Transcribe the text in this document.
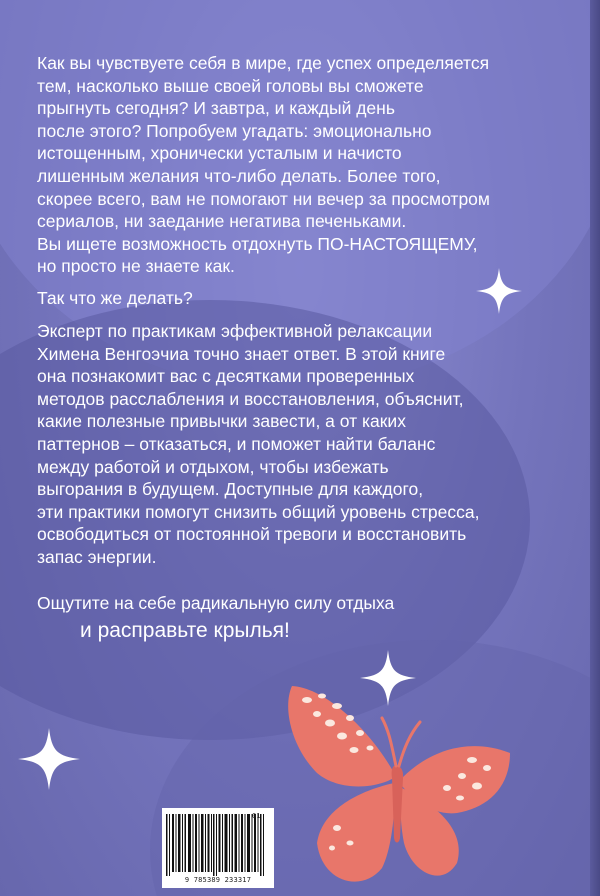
Как вы чувствуете себя в мире, где успех определяется
тем, насколько выше своей головы вы сможете
прыгнуть сегодня? И завтра, и каждый день
после этого? Попробуем угадать: эмоционально
истощенным, хронически усталым и начисто
лишенным желания что-либо делать. Более того,
скорее всего, вам не помогают ни вечер за просмотром
сериалов, ни заедание негатива печеньками.
Вы ищете возможность отдохнуть ПО-НАСТОЯЩЕМУ,
но просто не знаете как.
Так что же делать?
Эксперт по практикам эффективной релаксации
Химена Венгоэчиа точно знает ответ. В этой книге
она познакомит вас с десятками проверенных
методов расслабления и восстановления, объяснит,
какие полезные привычки завести, а от каких
паттернов – отказаться, и поможет найти баланс
между работой и отдыхом, чтобы избежать
выгорания в будущем. Доступные для каждого,
эти практики помогут снизить общий уровень стресса,
освободиться от постоянной тревоги и восстановить
запас энергии.
Ощутите на себе радикальную силу отдыха
и расправьте крылья!
9 785389 233317
01
